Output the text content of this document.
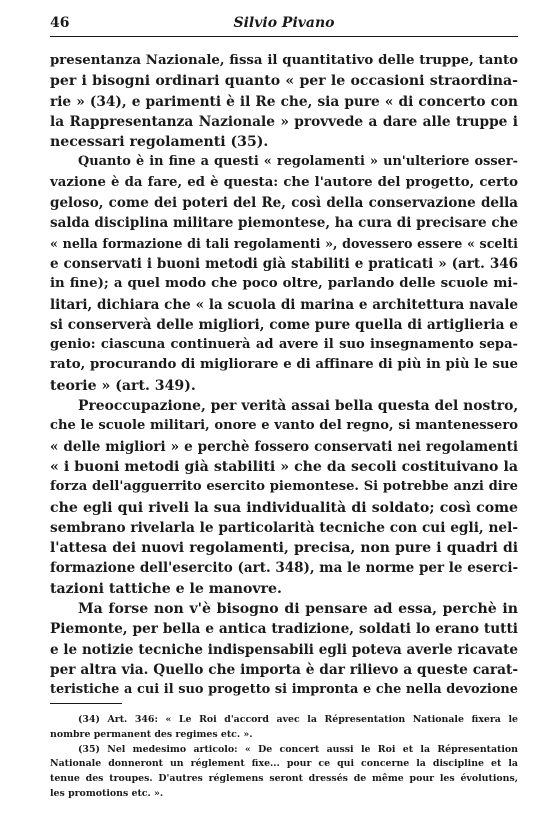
46	Silvio Pivano
presentanza Nazionale, fissa il quantitativo delle truppe, tanto
per i bisogni ordinari quanto « per le occasioni straordina-
rie » (34), e parimenti è il Re che, sia pure « di concerto con
la Rappresentanza Nazionale » provvede a dare alle truppe i
necessari regolamenti (35).
Quanto è in fine a questi « regolamenti » un'ulteriore osser-
vazione è da fare, ed è questa: che l'autore del progetto, certo
geloso, come dei poteri del Re, così della conservazione della
salda disciplina militare piemontese, ha cura di precisare che
« nella formazione di tali regolamenti », dovessero essere « scelti
e conservati i buoni metodi già stabiliti e praticati » (art. 346
in fine); a quel modo che poco oltre, parlando delle scuole mi-
litari, dichiara che « la scuola di marina e architettura navale
si conserverà delle migliori, come pure quella di artiglieria e
genio: ciascuna continuerà ad avere il suo insegnamento sepa-
rato, procurando di migliorare e di affinare di più in più le sue
teorie » (art. 349).
Preoccupazione, per verità assai bella questa del nostro,
che le scuole militari, onore e vanto del regno, si mantenessero
« delle migliori » e perchè fossero conservati nei regolamenti
« i buoni metodi già stabiliti » che da secoli costituivano la
forza dell'agguerrito esercito piemontese. Si potrebbe anzi dire
che egli qui riveli la sua individualità di soldato; così come
sembrano rivelarla le particolarità tecniche con cui egli, nel-
l'attesa dei nuovi regolamenti, precisa, non pure i quadri di
formazione dell'esercito (art. 348), ma le norme per le eserci-
tazioni tattiche e le manovre.
Ma forse non v'è bisogno di pensare ad essa, perchè in
Piemonte, per bella e antica tradizione, soldati lo erano tutti
e le notizie tecniche indispensabili egli poteva averle ricavate
per altra via. Quello che importa è dar rilievo a queste carat-
teristiche a cui il suo progetto si impronta e che nella devozione
(34) Art. 346: « Le Roi d'accord avec la Répresentation Nationale fixera le
nombre permanent des regimes etc. ».
(35) Nel medesimo articolo: « De concert aussi le Roi et la Répresentation
Nationale donneront un réglement fixe... pour ce qui concerne la discipline et la
tenue des troupes. D'autres réglemens seront dressés de même pour les évolutions,
les promotions etc. ».
